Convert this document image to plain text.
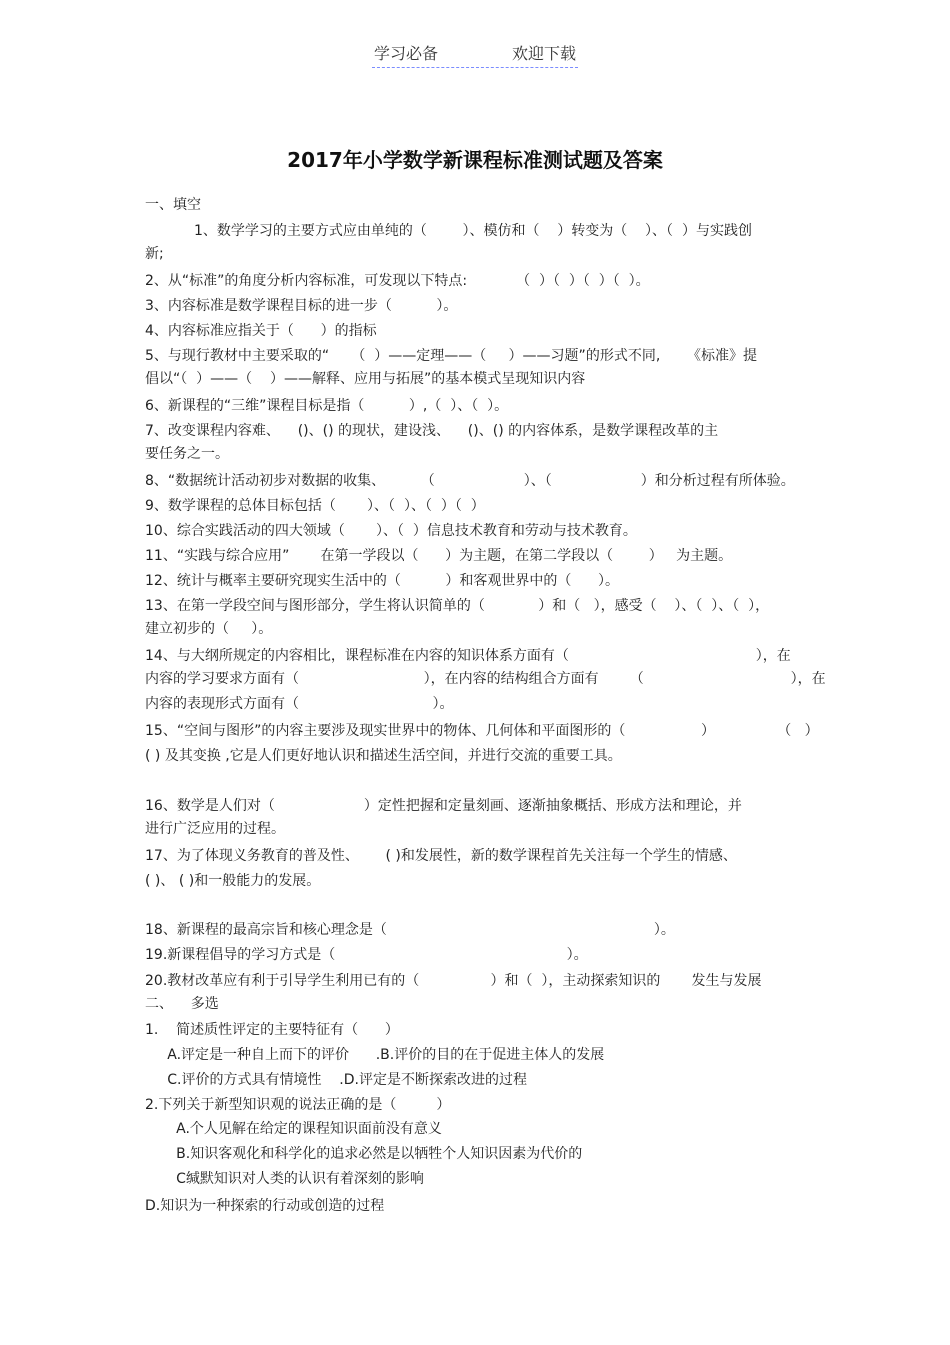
学习必备	欢迎下载
2017年小学数学新课程标准测试题及答案
一、填空
1、数学学习的主要方式应由单纯的（        ）、模仿和（    ）转变为（    ）、（  ）与实践创
新;
2、从“标准”的角度分析内容标准，可发现以下特点:           （  ）（  ）（  ）（  ）。
3、内容标准是数学课程目标的进一步（          ）。
4、内容标准应指关于（      ）的指标
5、与现行教材中主要采取的“     （  ）——定理——（     ）——习题”的形式不同,      《标准》提
倡以“（  ）——（    ）——解释、应用与拓展”的基本模式呈现知识内容
6、新课程的“三维”课程目标是指（          ）,（  ）、（  ）。
7、改变课程内容难、    ()、() 的现状，建设浅、    ()、() 的内容体系，是数学课程改革的主
要任务之一。
8、“数据统计活动初步对数据的收集、        （                    ）、（                    ）和分析过程有所体验。
9、数学课程的总体目标包括（       ）、（  ）、（  ）（  ）
10、综合实践活动的四大领域（       ）、（  ）信息技术教育和劳动与技术教育。
11、“实践与综合应用”       在第一学段以（      ）为主题，在第二学段以（        ）   为主题。
12、统计与概率主要研究现实生活中的（          ）和客观世界中的（      ）。
13、在第一学段空间与图形部分，学生将认识简单的（            ）和（   ），感受（    ）、（  ）、（  ），
建立初步的（     ）。
14、与大纲所规定的内容相比，课程标准在内容的知识体系方面有（                                          ），在
内容的学习要求方面有（                            ），在内容的结构组合方面有       （                                 ），在
内容的表现形式方面有（                              ）。
15、“空间与图形”的内容主要涉及现实世界中的物体、几何体和平面图形的（                 ）              （   ）
( ) 及其变换 ,它是人们更好地认识和描述生活空间，并进行交流的重要工具。
16、数学是人们对（                    ）定性把握和定量刻画、逐渐抽象概括、形成方法和理论，并
进行广泛应用的过程。
17、为了体现义务教育的普及性、      ( )和发展性，新的数学课程首先关注每一个学生的情感、
( )、 ( )和一般能力的发展。
18、新课程的最高宗旨和核心理念是（                                                            ）。
19.新课程倡导的学习方式是（                                                    ）。
20.教材改革应有利于引导学生利用已有的（                ）和（  ），主动探索知识的       发生与发展
二、    多选
1.    简述质性评定的主要特征有（      ）
A.评定是一种自上而下的评价      .B.评价的目的在于促进主体人的发展
C.评价的方式具有情境性    .D.评定是不断探索改进的过程
2.下列关于新型知识观的说法正确的是（         ）
A.个人见解在给定的课程知识面前没有意义
B.知识客观化和科学化的追求必然是以牺牲个人知识因素为代价的
C缄默知识对人类的认识有着深刻的影响
D.知识为一种探索的行动或创造的过程
